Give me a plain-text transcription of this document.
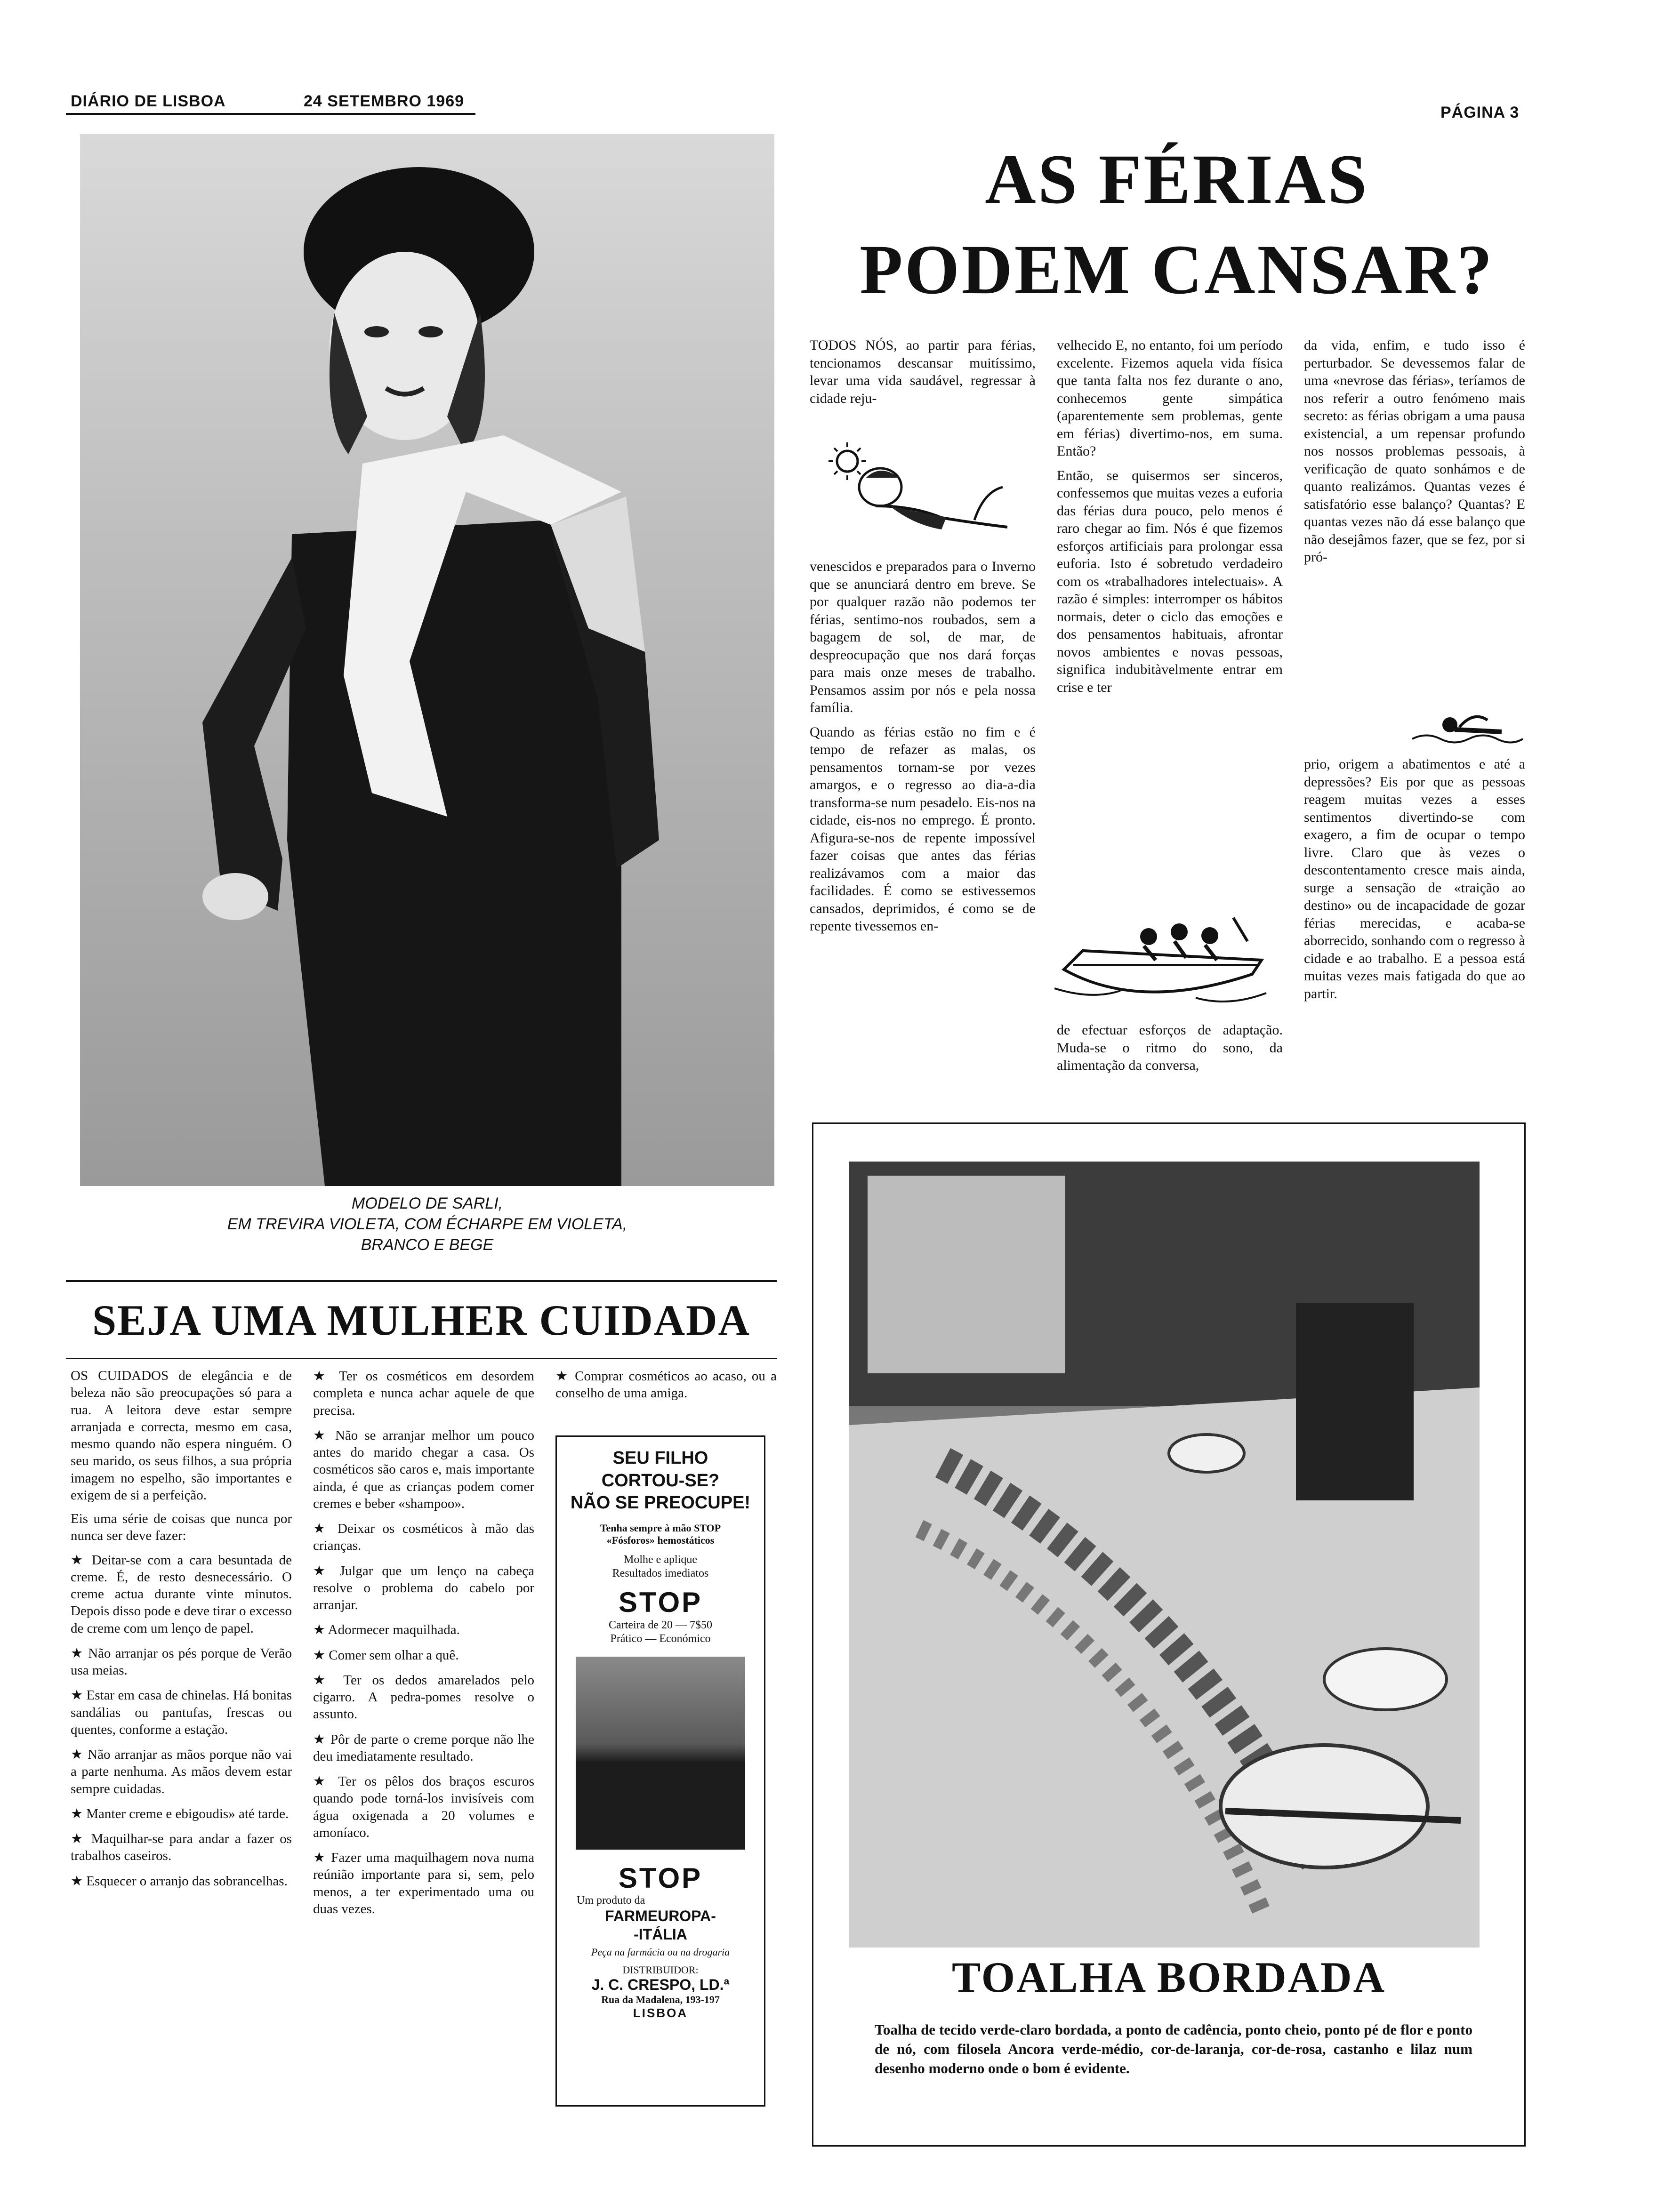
DIÁRIO DE LISBOA	24 SETEMBRO 1969
PÁGINA 3
MODELO DE SARLI,
EM TREVIRA VIOLETA, COM ÉCHARPE EM VIOLETA,
BRANCO E BEGE
AS FÉRIAS
PODEM CANSAR?

TODOS NÓS, ao partir para férias, tencionamos descansar muitíssimo, levar uma vida saudável, regressar à cidade reju-

venescidos e preparados para o Inverno que se anunciará dentro em breve. Se por qualquer razão não podemos ter férias, sentimo-nos roubados, sem a bagagem de sol, de mar, de despreocupação que nos dará forças para mais onze meses de trabalho. Pensamos assim por nós e pela nossa família.

Quando as férias estão no fim e é tempo de refazer as malas, os pensamentos tornam-se por vezes amargos, e o regresso ao dia-a-dia transforma-se num pesadelo. Eis-nos na cidade, eis-nos no emprego. É pronto. Afigura-se-nos de repente impossível fazer coisas que antes das férias realizávamos com a maior das facilidades. É como se estivessemos cansados, deprimidos, é como se de repente tivessemos en-

velhecido E, no entanto, foi um período excelente. Fizemos aquela vida física que tanta falta nos fez durante o ano, conhecemos gente simpática (aparentemente sem problemas, gente em férias) divertimo-nos, em suma. Então?

Então, se quisermos ser sinceros, confessemos que muitas vezes a euforia das férias dura pouco, pelo menos é raro chegar ao fim. Nós é que fizemos esforços artificiais para prolongar essa euforia. Isto é sobretudo verdadeiro com os «trabalhadores intelectuais». A razão é simples: interromper os hábitos normais, deter o ciclo das emoções e dos pensamentos habituais, afrontar novos ambientes e novas pessoas, significa indubitàvelmente entrar em crise e ter

de efectuar esforços de adaptação. Muda-se o ritmo do sono, da alimentação da conversa,

da vida, enfim, e tudo isso é perturbador. Se devessemos falar de uma «nevrose das férias», teríamos de nos referir a outro fenómeno mais secreto: as férias obrigam a uma pausa existencial, a um repensar profundo nos nossos problemas pessoais, à verificação de quato sonhámos e de quanto realizámos. Quantas vezes é satisfatório esse balanço? Quantas? E quantas vezes não dá esse balanço que não desejâmos fazer, que se fez, por si pró-

prio, origem a abatimentos e até a depressões? Eis por que as pessoas reagem muitas vezes a esses sentimentos divertindo-se com exagero, a fim de ocupar o tempo livre. Claro que às vezes o descontentamento cresce mais ainda, surge a sensação de «traição ao destino» ou de incapacidade de gozar férias merecidas, e acaba-se aborrecido, sonhando com o regresso à cidade e ao trabalho. E a pessoa está muitas vezes mais fatigada do que ao partir.

SEJA UMA MULHER CUIDADA

OS CUIDADOS de elegância e de beleza não são preocupações só para a rua. A leitora deve estar sempre arranjada e correcta, mesmo em casa, mesmo quando não espera ninguém. O seu marido, os seus filhos, a sua própria imagem no espelho, são importantes e exigem de si a perfeição.

Eis uma série de coisas que nunca por nunca ser deve fazer:

★ Deitar-se com a cara besuntada de creme. É, de resto desnecessário. O creme actua durante vinte minutos. Depois disso pode e deve tirar o excesso de creme com um lenço de papel.
★ Não arranjar os pés porque de Verão usa meias.
★ Estar em casa de chinelas. Há bonitas sandálias ou pantufas, frescas ou quentes, conforme a estação.
★ Não arranjar as mãos porque não vai a parte nenhuma. As mãos devem estar sempre cuidadas.
★ Manter creme e ebigoudis» até tarde.
★ Maquilhar-se para andar a fazer os trabalhos caseiros.
★ Esquecer o arranjo das sobrancelhas.
★ Ter os cosméticos em desordem completa e nunca achar aquele de que precisa.
★ Não se arranjar melhor um pouco antes do marido chegar a casa. Os cosméticos são caros e, mais importante ainda, é que as crianças podem comer cremes e beber «shampoo».
★ Deixar os cosméticos à mão das crianças.
★ Julgar que um lenço na cabeça resolve o problema do cabelo por arranjar.
★ Adormecer maquilhada.
★ Comer sem olhar a quê.
★ Ter os dedos amarelados pelo cigarro. A pedra-pomes resolve o assunto.
★ Pôr de parte o creme porque não lhe deu imediatamente resultado.
★ Ter os pêlos dos braços escuros quando pode torná-los invisíveis com água oxigenada a 20 volumes e amoníaco.
★ Fazer uma maquilhagem nova numa reúnião importante para si, sem, pelo menos, a ter experimentado uma ou duas vezes.
★ Comprar cosméticos ao acaso, ou a conselho de uma amiga.
SEU FILHO
CORTOU-SE?
NÃO SE PREOCUPE!
Tenha sempre à mão STOP
«Fósforos» hemostáticos
Molhe e aplique
Resultados imediatos
STOP
Carteira de 20 — 7$50
Prático — Económico
STOP
Um produto da
FARMEUROPA-
-ITÁLIA
Peça na farmácia ou na drogaria
DISTRIBUIDOR:
J. C. CRESPO, LD.ª
Rua da Madalena, 193-197
LISBOA
TOALHA BORDADA
Toalha de tecido verde-claro bordada, a ponto de cadência, ponto cheio, ponto pé de flor e ponto de nó, com filosela Ancora verde-médio, cor-de-laranja, cor-de-rosa, castanho e lilaz num desenho moderno onde o bom é evidente.
